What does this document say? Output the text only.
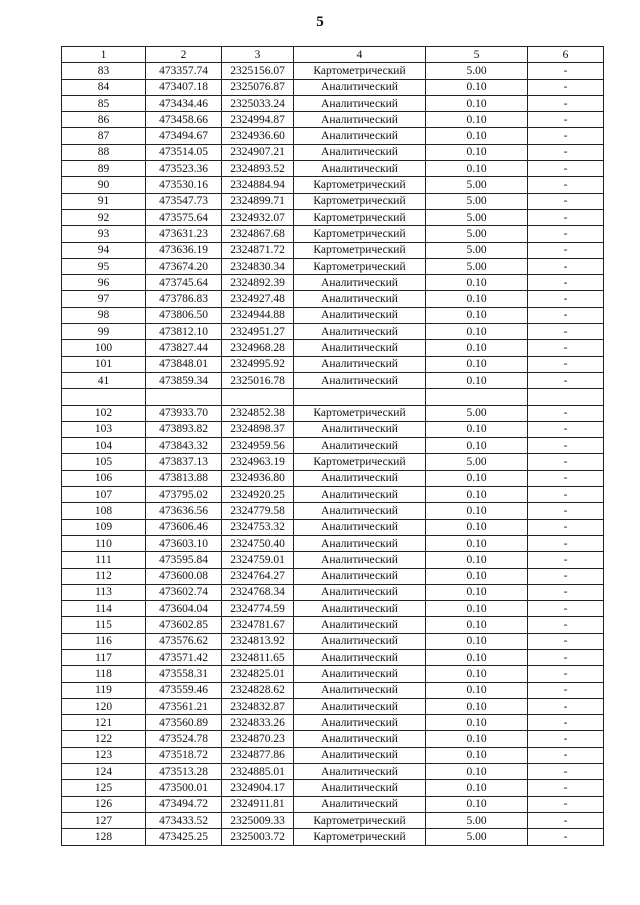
5
1	2	3	4	5	6
83	473357.74	2325156.07	Картометрический	5.00	-
84	473407.18	2325076.87	Аналитический	0.10	-
85	473434.46	2325033.24	Аналитический	0.10	-
86	473458.66	2324994.87	Аналитический	0.10	-
87	473494.67	2324936.60	Аналитический	0.10	-
88	473514.05	2324907.21	Аналитический	0.10	-
89	473523.36	2324893.52	Аналитический	0.10	-
90	473530.16	2324884.94	Картометрический	5.00	-
91	473547.73	2324899.71	Картометрический	5.00	-
92	473575.64	2324932.07	Картометрический	5.00	-
93	473631.23	2324867.68	Картометрический	5.00	-
94	473636.19	2324871.72	Картометрический	5.00	-
95	473674.20	2324830.34	Картометрический	5.00	-
96	473745.64	2324892.39	Аналитический	0.10	-
97	473786.83	2324927.48	Аналитический	0.10	-
98	473806.50	2324944.88	Аналитический	0.10	-
99	473812.10	2324951.27	Аналитический	0.10	-
100	473827.44	2324968.28	Аналитический	0.10	-
101	473848.01	2324995.92	Аналитический	0.10	-
41	473859.34	2325016.78	Аналитический	0.10	-

102	473933.70	2324852.38	Картометрический	5.00	-
103	473893.82	2324898.37	Аналитический	0.10	-
104	473843.32	2324959.56	Аналитический	0.10	-
105	473837.13	2324963.19	Картометрический	5.00	-
106	473813.88	2324936.80	Аналитический	0.10	-
107	473795.02	2324920.25	Аналитический	0.10	-
108	473636.56	2324779.58	Аналитический	0.10	-
109	473606.46	2324753.32	Аналитический	0.10	-
110	473603.10	2324750.40	Аналитический	0.10	-
111	473595.84	2324759.01	Аналитический	0.10	-
112	473600.08	2324764.27	Аналитический	0.10	-
113	473602.74	2324768.34	Аналитический	0.10	-
114	473604.04	2324774.59	Аналитический	0.10	-
115	473602.85	2324781.67	Аналитический	0.10	-
116	473576.62	2324813.92	Аналитический	0.10	-
117	473571.42	2324811.65	Аналитический	0.10	-
118	473558.31	2324825.01	Аналитический	0.10	-
119	473559.46	2324828.62	Аналитический	0.10	-
120	473561.21	2324832.87	Аналитический	0.10	-
121	473560.89	2324833.26	Аналитический	0.10	-
122	473524.78	2324870.23	Аналитический	0.10	-
123	473518.72	2324877.86	Аналитический	0.10	-
124	473513.28	2324885.01	Аналитический	0.10	-
125	473500.01	2324904.17	Аналитический	0.10	-
126	473494.72	2324911.81	Аналитический	0.10	-
127	473433.52	2325009.33	Картометрический	5.00	-
128	473425.25	2325003.72	Картометрический	5.00	-
